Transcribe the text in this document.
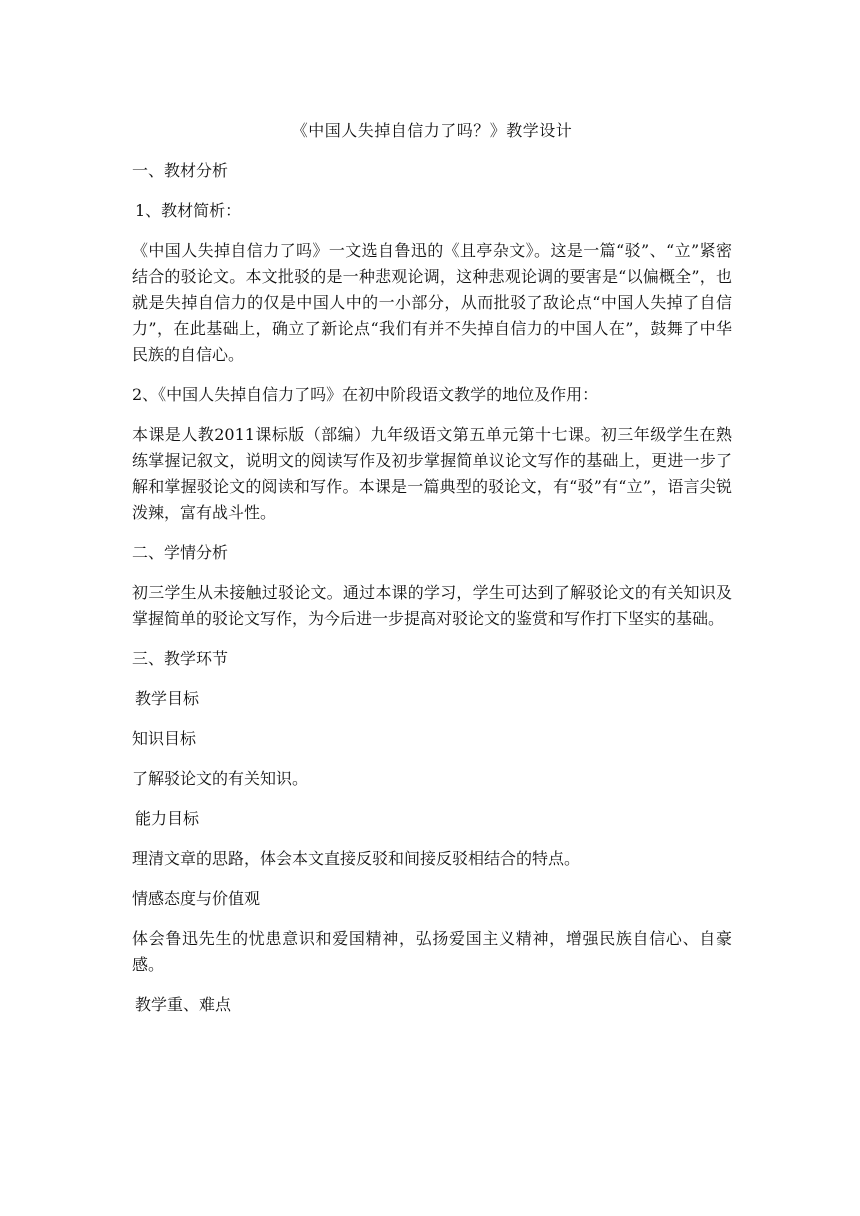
《中国人失掉自信力了吗？》教学设计
一、教材分析
1、教材简析：
《中国人失掉自信力了吗》一文选自鲁迅的《且亭杂文》。这是一篇“驳”、“立”紧密结合的驳论文。本文批驳的是一种悲观论调，这种悲观论调的要害是“以偏概全”，也就是失掉自信力的仅是中国人中的一小部分，从而批驳了敌论点“中国人失掉了自信力”，在此基础上，确立了新论点“我们有并不失掉自信力的中国人在”，鼓舞了中华民族的自信心。
2、《中国人失掉自信力了吗》在初中阶段语文教学的地位及作用：
本课是人教2011课标版（部编）九年级语文第五单元第十七课。初三年级学生在熟练掌握记叙文，说明文的阅读写作及初步掌握简单议论文写作的基础上，更进一步了解和掌握驳论文的阅读和写作。本课是一篇典型的驳论文，有“驳”有“立”，语言尖锐泼辣，富有战斗性。
二、学情分析
初三学生从未接触过驳论文。通过本课的学习，学生可达到了解驳论文的有关知识及掌握简单的驳论文写作，为今后进一步提高对驳论文的鉴赏和写作打下坚实的基础。
三、教学环节
教学目标
知识目标
了解驳论文的有关知识。
能力目标
理清文章的思路，体会本文直接反驳和间接反驳相结合的特点。
情感态度与价值观
体会鲁迅先生的忧患意识和爱国精神，弘扬爱国主义精神，增强民族自信心、自豪感。
教学重、难点
